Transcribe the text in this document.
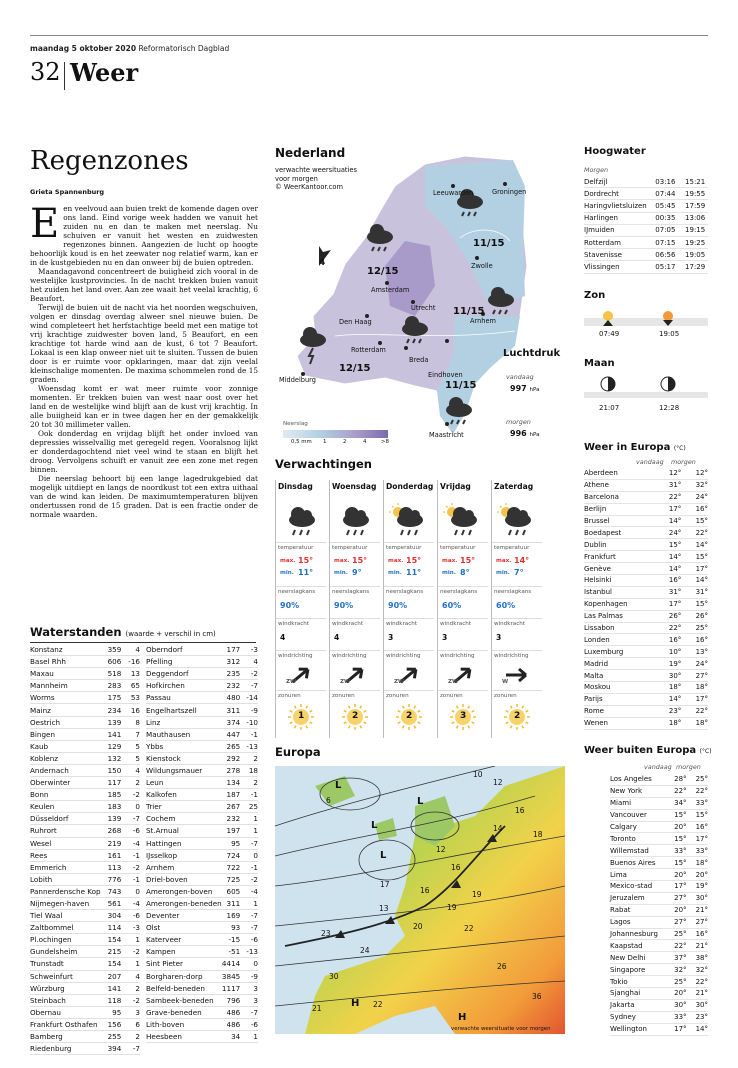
maandag 5 oktober 2020 Reformatorisch Dagblad
32 Weer
Regenzones
Grieta Spannenburg

Een veelvoud aan buien trekt de komende dagen over ons land. Eind vorige week hadden we vanuit het zuiden nu en dan te maken met neerslag. Nu schuiven er vanuit het westen en zuidwesten regenzones binnen. Aangezien de lucht op hoogte behoorlijk koud is en het zeewater nog relatief warm, kan er in de kustgebieden nu en dan onweer bij de buien optreden.

Maandagavond concentreert de buiigheid zich vooral in de westelijke kustprovincies. In de nacht trekken buien vanuit het zuiden het land over. Aan zee waait het veelal krachtig, 6 Beaufort.

Terwijl de buien uit de nacht via het noorden wegschuiven, volgen er dinsdag overdag alweer snel nieuwe buien. De wind completeert het herfstachtige beeld met een matige tot vrij krachtige zuidwester boven land, 5 Beaufort, en een krachtige tot harde wind aan de kust, 6 tot 7 Beaufort. Lokaal is een klap onweer niet uit te sluiten. Tussen de buien door is er ruimte voor opklaringen, maar dat zijn veelal kleinschalige momenten. De maxima schommelen rond de 15 graden.

Woensdag komt er wat meer ruimte voor zonnige momenten. Er trekken buien van west naar oost over het land en de westelijke wind blijft aan de kust vrij krachtig. In alle buiigheid kan er in twee dagen her en der gemakkelijk 20 tot 30 millimeter vallen.

Ook donderdag en vrijdag blijft het onder invloed van depressies wisselvallig met geregeld regen. Vooralsnog lijkt er donderdagochtend niet veel wind te staan en blijft het droog. Vervolgens schuift er vanuit zee een zone met regen binnen.

Die neerslag behoort bij een lange lagedrukgebied dat mogelijk uitdiept en langs de noordkust tot een extra uithaal van de wind kan leiden. De maximumtemperaturen blijven ondertussen rond de 15 graden. Dat is een fractie onder de normale waarden.

Waterstanden (waarde + verschil in cm)
Konstanz	359	4
Basel Rhh	606	-16
Maxau	518	13
Mannheim	283	65
Worms	175	53
Mainz	234	16
Oestrich	139	8
Bingen	141	7
Kaub	129	5
Koblenz	132	5
Andernach	150	4
Oberwinter	117	2
Bonn	185	-2
Keulen	183	0
Düsseldorf	139	-7
Ruhrort	268	-6
Wesel	219	-4
Rees	161	-1
Emmerich	113	-2
Lobith	776	-1
Pannerdensche Kop	743	0
Nijmegen-haven	561	-4
Tiel Waal	304	-6
Zaltbommel	114	-3
Pl.ochingen	154	1
Gundelsheim	215	-2
Trunstadt	154	1
Schweinfurt	207	4
Würzburg	141	2
Steinbach	118	-2
Obernau	95	3
Frankfurt Osthafen	156	6
Bamberg	255	2
Riedenburg	394	-7
Oberndorf	177	-3
Pfelling	312	4
Deggendorf	235	-2
Hofkirchen	232	-7
Passau	480	-14
Engelhartszell	311	-9
Linz	374	-10
Mauthausen	447	-1
Ybbs	265	-13
Kienstock	292	2
Wildungsmauer	278	18
Leun	134	2
Kalkofen	187	-1
Trier	267	25
Cochem	232	1
St.Arnual	197	1
Hattingen	95	-7
IJsselkop	724	0
Arnhem	722	-1
Driel-boven	725	-2
Amerongen-boven	605	-4
Amerongen-beneden	311	1
Deventer	169	-7
Olst	93	-7
Katerveer	-15	-6
Kampen	-51	-13
Sint Pieter	4414	0
Borgharen-dorp	3845	-9
Belfeld-beneden	1117	3
Sambeek-beneden	796	3
Grave-beneden	486	-7
Lith-boven	486	-6
Heesbeen	34	1
Nederland
verwachte weersituaties
voor morgen
© WeerKantoor.com
Leeuwarden	Groningen
Zwolle
Amsterdam
Utrecht
Den Haag
Rotterdam
Breda
Arnhem
Eindhoven
Middelburg
Maastricht
11/15
12/15
11/15
12/15
11/15
4
Neerslag
0,5 mm 1	2	4	>8
Luchtdruk
vandaag
997 hPa
morgen
996 hPa
Verwachtingen
Dinsdag
temperatuur
max. 15°
min. 11°
neerslagkans
90%
windkracht
4
windrichting
ZW
zonuren
1
Woensdag
temperatuur
max. 15°
min. 9°
neerslagkans
90%
windkracht
4
windrichting
ZW
zonuren
2
Donderdag
temperatuur
max. 15°
min. 11°
neerslagkans
90%
windkracht
3
windrichting
ZW
zonuren
2
Vrijdag
temperatuur
max. 15°
min. 8°
neerslagkans
60%
windkracht
3
windrichting
ZW
zonuren
3
Zaterdag
temperatuur
max. 14°
min. 7°
neerslagkans
60%
windkracht
3
windrichting
W
zonuren
2
Europa
10
12
14
18
16
17
16	19
20	22
23
24
26
30
36
22
21
19
13
16
12
6
L
L
L
H
H
L
verwachte weersituatie voor morgen
Hoogwater
Morgen
Delfzijl	03:16	15:21
Dordrecht	07:44	19:55
Haringvlietsluizen	05:45	17:59
Harlingen	00:35	13:06
IJmuiden	07:05	19:15
Rotterdam	07:15	19:25
Stavenisse	06:56	19:05
Vlissingen	05:17	17:29
Zon
07:49	19:05
Maan
21:07	12:28
Weer in Europa (°C)
vandaag morgen
Aberdeen	12°	12°
Athene	31°	32°
Barcelona	22°	24°
Berlijn	17°	16°
Brussel	14°	15°
Boedapest	24°	22°
Dublin	15°	14°
Frankfurt	14°	15°
Genève	14°	17°
Helsinki	16°	14°
Istanbul	31°	31°
Kopenhagen	17°	15°
Las Palmas	26°	26°
Lissabon	22°	25°
Londen	16°	16°
Luxemburg	10°	13°
Madrid	19°	24°
Malta	30°	27°
Moskou	18°	18°
Parijs	14°	17°
Rome	23°	22°
Wenen	18°	18°
Weer buiten Europa (°C)
vandaag morgen
Los Angeles	28°	25°
New York	22°	22°
Miami	34°	33°
Vancouver	15°	15°
Calgary	20°	16°
Toronto	15°	17°
Willemstad	33°	33°
Buenos Aires	15°	18°
Lima	20°	20°
Mexico-stad	17°	19°
Jeruzalem	27°	30°
Rabat	20°	21°
Lagos	27°	27°
Johannesburg	25°	16°
Kaapstad	22°	21°
New Delhi	37°	38°
Singapore	32°	32°
Tokio	25°	22°
Sjanghai	20°	21°
Jakarta	30°	30°
Sydney	33°	23°
Wellington	17°	14°
